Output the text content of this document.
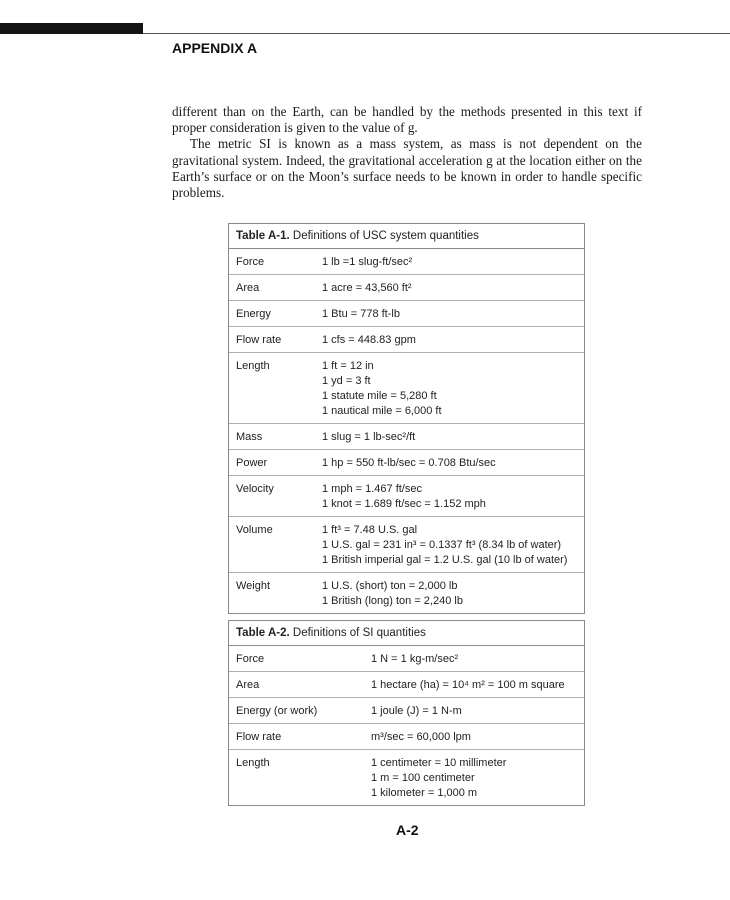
APPENDIX A

different than on the Earth, can be handled by the methods presented in this text if proper consideration is given to the value of g.

The metric SI is known as a mass system, as mass is not dependent on the gravitational system. Indeed, the gravitational acceleration g at the location either on the Earth’s surface or on the Moon’s surface needs to be known in order to handle specific problems.

Table A-1. Definitions of USC system quantities
Force	1 lb =1 slug-ft/sec²
Area	1 acre = 43,560 ft²
Energy	1 Btu = 778 ft-lb
Flow rate	1 cfs = 448.83 gpm
Length	1 ft = 12 in
1 yd = 3 ft
1 statute mile = 5,280 ft
1 nautical mile = 6,000 ft
Mass	1 slug = 1 lb-sec²/ft
Power	1 hp = 550 ft-lb/sec = 0.708 Btu/sec
Velocity	1 mph = 1.467 ft/sec
1 knot = 1.689 ft/sec = 1.152 mph
Volume	1 ft³ = 7.48 U.S. gal
1 U.S. gal = 231 in³ = 0.1337 ft³ (8.34 lb of water)
1 British imperial gal = 1.2 U.S. gal (10 lb of water)
Weight	1 U.S. (short) ton = 2,000 lb
1 British (long) ton = 2,240 lb
Table A-2. Definitions of SI quantities
Force	1 N = 1 kg-m/sec²
Area	1 hectare (ha) = 10⁴ m² = 100 m square
Energy (or work)	1 joule (J) = 1 N-m
Flow rate	m³/sec = 60,000 lpm
Length	1 centimeter = 10 millimeter
1 m = 100 centimeter
1 kilometer = 1,000 m
A-2
